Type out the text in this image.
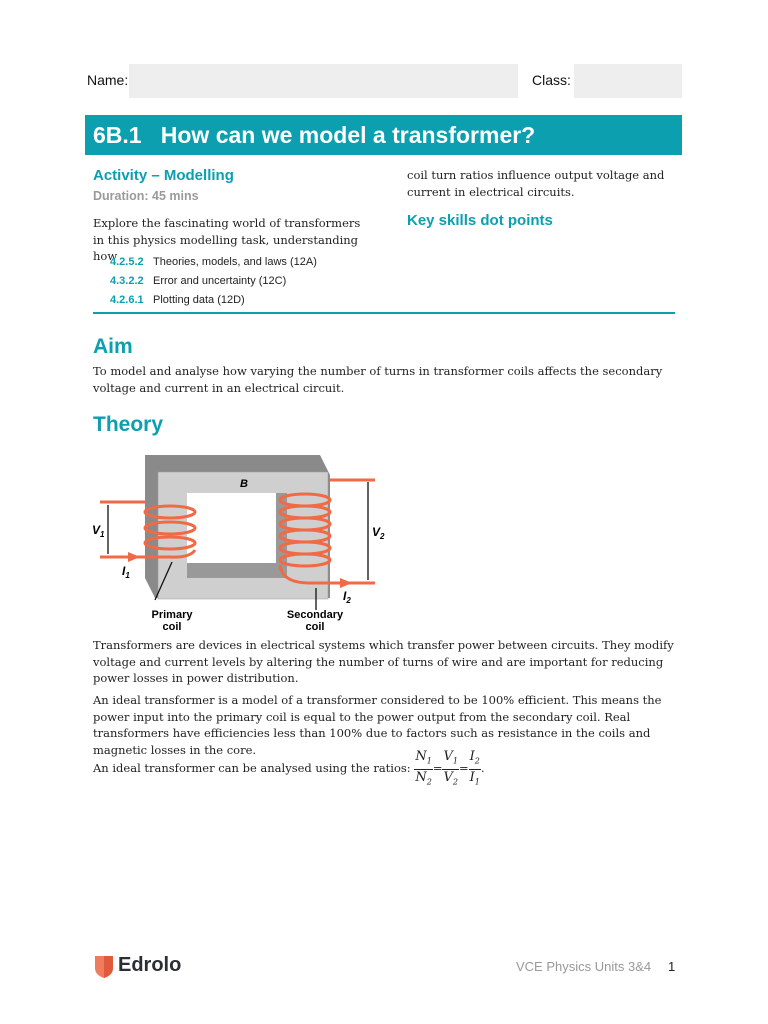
Name:	Class:
6B.1   How can we model a transformer?
Activity – Modelling
Duration: 45 mins
Explore the fascinating world of transformers in this physics modelling task, understanding how
coil turn ratios influence output voltage and current in electrical circuits.
Key skills dot points
4.2.5.2 Theories, models, and laws (12A)
4.3.2.2 Error and uncertainty (12C)
4.2.6.1 Plotting data (12D)
Aim
To model and analyse how varying the number of turns in transformer coils affects the secondary voltage and current in an electrical circuit.
Theory
B
$V_1$	$V_2$
$I_1$
$I_2$
Primary coil
Secondary coil
Transformers are devices in electrical systems which transfer power between circuits. They modify voltage and current levels by altering the number of turns of wire and are important for reducing power losses in power distribution.
An ideal transformer is a model of a transformer considered to be 100% efficient. This means the power input into the primary coil is equal to the power output from the secondary coil. Real transformers have efficiencies less than 100% due to factors such as resistance in the coils and magnetic losses in the core.
An ideal transformer can be analysed using the ratios: $\frac{N_1}{N_2} = \frac{V_1}{V_2} = \frac{I_2}{I_1}$ .
Edrolo	VCE Physics Units 3&4 1
